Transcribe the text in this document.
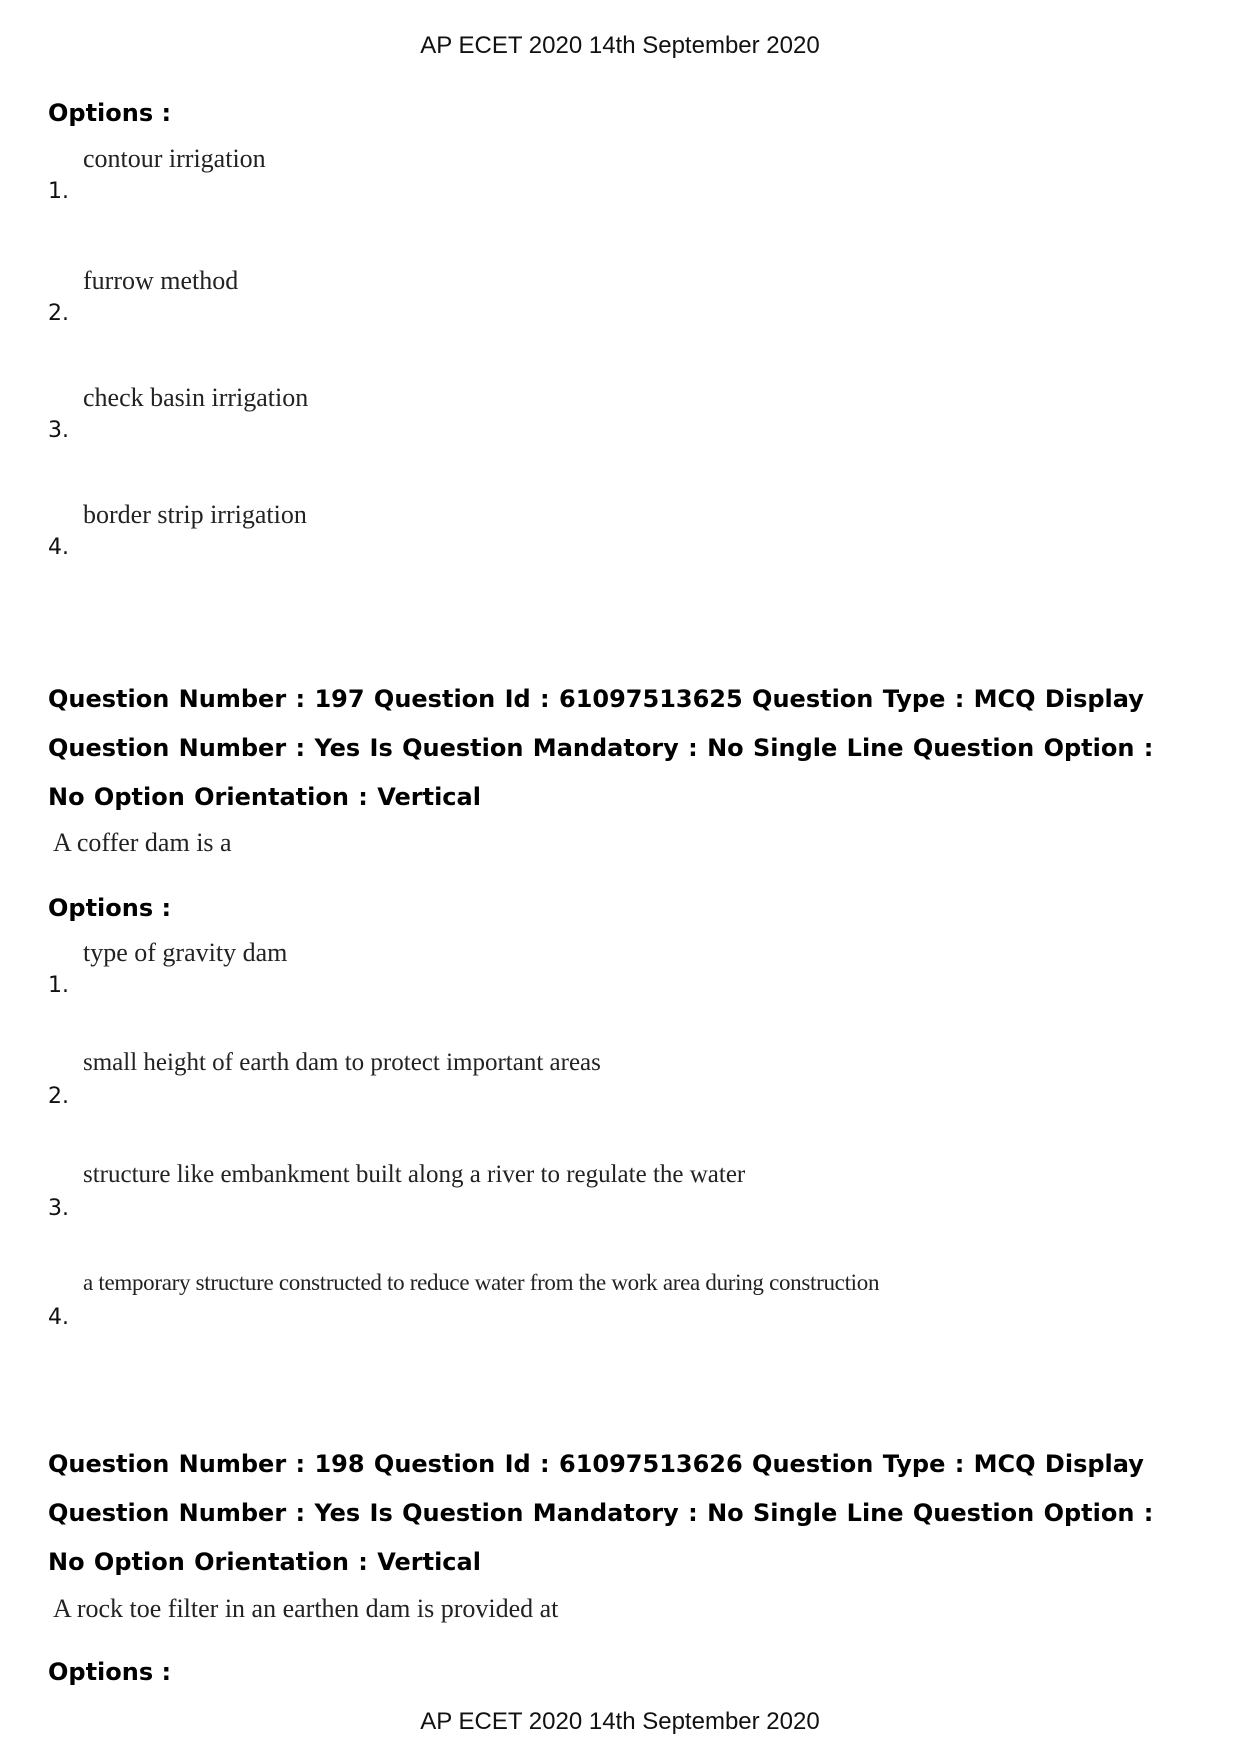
AP ECET 2020 14th September 2020
Options :
1.
contour irrigation
2.
furrow method
3.
check basin irrigation
4.
border strip irrigation
Question Number : 197 Question Id : 61097513625 Question Type : MCQ Display Question Number : Yes Is Question Mandatory : No Single Line Question Option : No Option Orientation : Vertical
A coffer dam is a
Options :
1.
type of gravity dam
2.
small height of earth dam to protect important areas
3.
structure like embankment built along a river to regulate the water
4.
a temporary structure constructed to reduce water from the work area during construction
Question Number : 198 Question Id : 61097513626 Question Type : MCQ Display Question Number : Yes Is Question Mandatory : No Single Line Question Option : No Option Orientation : Vertical
A rock toe filter in an earthen dam is provided at
Options :
AP ECET 2020 14th September 2020
